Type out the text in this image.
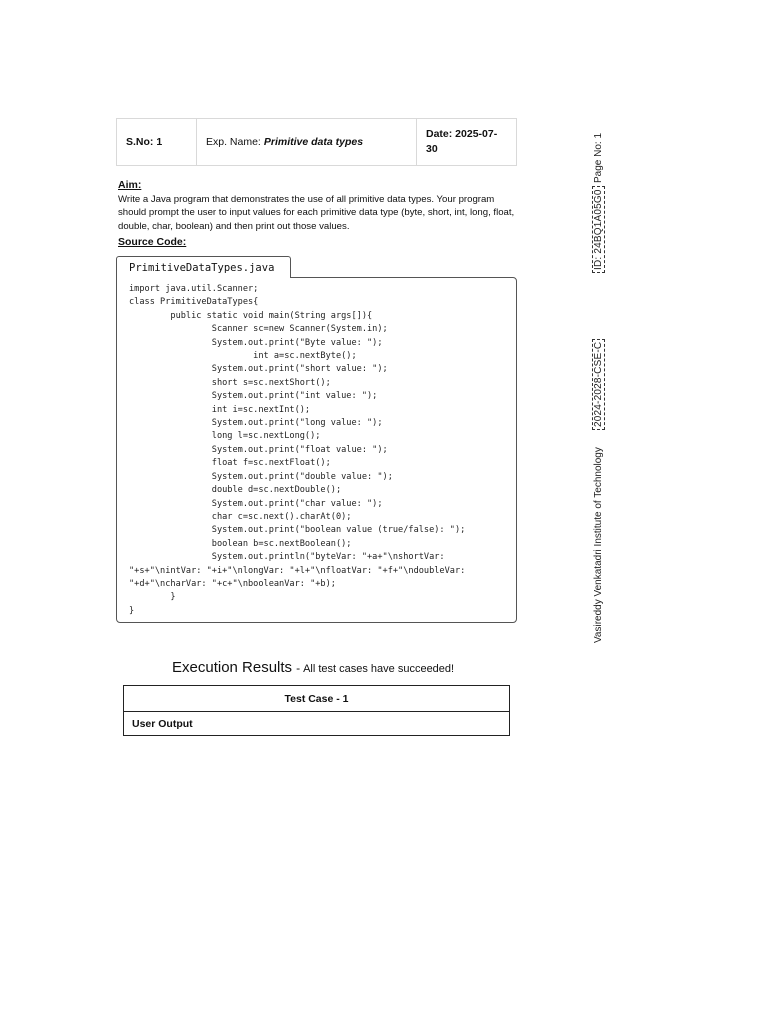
S.No: 1	Exp. Name: Primitive data types
Date: 2025-07-30
Aim:
Write a Java program that demonstrates the use of all primitive data types. Your program should prompt the user to input values for each primitive data type (byte, short, int, long, float, double, char, boolean) and then print out those values.
Source Code:
PrimitiveDataTypes.java
import java.util.Scanner;
class PrimitiveDataTypes{
public static void main(String args[]){
Scanner sc=new Scanner(System.in);
System.out.print("Byte value: ");
int a=sc.nextByte();
System.out.print("short value: ");
short s=sc.nextShort();
System.out.print("int value: ");
int i=sc.nextInt();
System.out.print("long value: ");
long l=sc.nextLong();
System.out.print("float value: ");
float f=sc.nextFloat();
System.out.print("double value: ");
double d=sc.nextDouble();
System.out.print("char value: ");
char c=sc.next().charAt(0);
System.out.print("boolean value (true/false): ");
boolean b=sc.nextBoolean();
System.out.println("byteVar: "+a+"\nshortVar:
"+s+"\nintVar: "+i+"\nlongVar: "+l+"\nfloatVar: "+f+"\ndoubleVar:
"+d+"\ncharVar: "+c+"\nbooleanVar: "+b);
}
}
Execution Results - All test cases have succeeded!
Test Case - 1
User Output
Page No: 1
ID: 24BQ1A05G0
2024-2028-CSE-C
Vasireddy Venkatadri Institute of Technology
